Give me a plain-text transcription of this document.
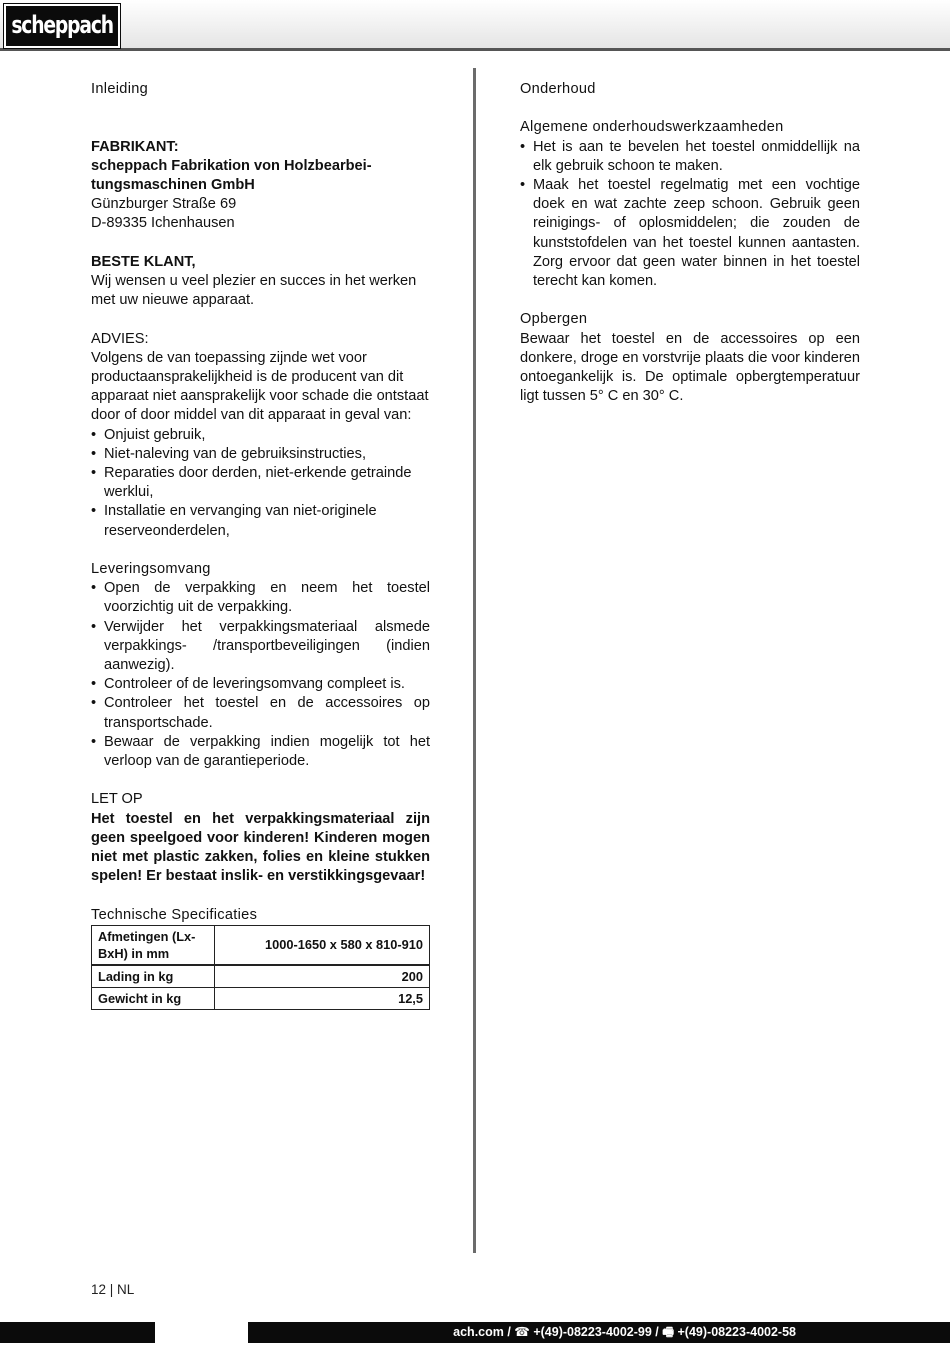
scheppach

Inleiding

FABRIKANT:

scheppach Fabrikation von Holzbearbei-

tungsmaschinen GmbH

Günzburger Straße 69

D-89335 Ichenhausen

BESTE KLANT,

Wij wensen u veel plezier en succes in het werken met uw nieuwe apparaat.

ADVIES:

Volgens de van toepassing zijnde wet voor productaansprakelijkheid is de producent van dit apparaat niet aansprakelijk voor schade die ontstaat door of door middel van dit apparaat in geval van:

• Onjuist gebruik,
• Niet-naleving van de gebruiksinstructies,
• Reparaties door derden, niet-erkende getrainde werklui,
• Installatie en vervanging van niet-originele reserveonderdelen,

Leveringsomvang

• Open de verpakking en neem het toestel voorzichtig uit de verpakking.
• Verwijder het verpakkingsmateriaal alsmede verpakkings- /transportbeveiligingen (indien aanwezig).
• Controleer of de leveringsomvang compleet is.
• Controleer het toestel en de accessoires op transportschade.
• Bewaar de verpakking indien mogelijk tot het verloop van de garantieperiode.

LET OP

Het toestel en het verpakkingsmateriaal zijn geen speelgoed voor kinderen! Kinderen mogen niet met plastic zakken, folies en kleine stukken spelen! Er bestaat inslik- en verstikkingsgevaar!

Technische Specificaties

Afmetingen (Lx-BxH) in mm	1000-1650 x 580 x 810-910
Lading in kg	200
Gewicht in kg	12,5

Onderhoud

Algemene onderhoudswerkzaamheden

• Het is aan te bevelen het toestel onmiddellijk na elk gebruik schoon te maken.
• Maak het toestel regelmatig met een vochtige doek en wat zachte zeep schoon. Gebruik geen reinigings- of oplosmiddelen; die zouden de kunststofdelen van het toestel kunnen aantasten. Zorg ervoor dat geen water binnen in het toestel terecht kan komen.

Opbergen

Bewaar het toestel en de accessoires op een donkere, droge en vorstvrije plaats die voor kinderen ontoegankelijk is. De optimale opbergtemperatuur ligt tussen 5° C en 30° C.

12 | NL
ach.com / ☎ +(49)-08223-4002-99 / 🖷 +(49)-08223-4002-58
